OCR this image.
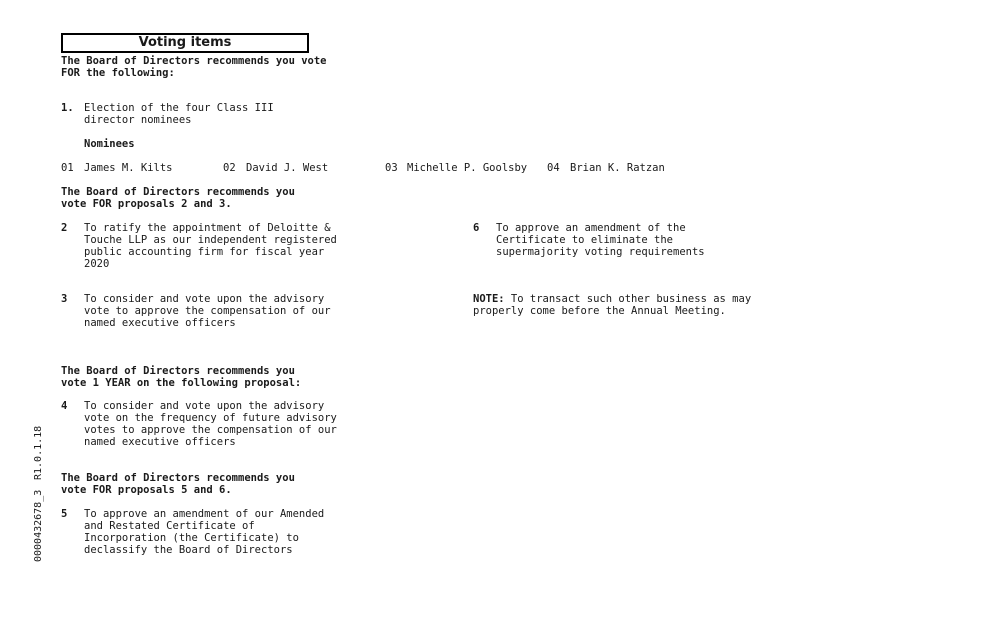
Voting items
The Board of Directors recommends you vote
FOR the following:
1. Election of the four Class III
director nominees
Nominees
01 James M. Kilts	02 David J. West	03 Michelle P. Goolsby 04 Brian K. Ratzan
The Board of Directors recommends you
vote FOR proposals 2 and 3.
2 To ratify the appointment of Deloitte &
Touche LLP as our independent registered
public accounting firm for fiscal year
2020
6 To approve an amendment of the
Certificate to eliminate the
supermajority voting requirements
3 To consider and vote upon the advisory
vote to approve the compensation of our
named executive officers
NOTE: To transact such other business as may
properly come before the Annual Meeting.
The Board of Directors recommends you
vote 1 YEAR on the following proposal:
4 To consider and vote upon the advisory
vote on the frequency of future advisory
votes to approve the compensation of our
named executive officers
The Board of Directors recommends you
vote FOR proposals 5 and 6.
5 To approve an amendment of our Amended
and Restated Certificate of
Incorporation (the Certificate) to
declassify the Board of Directors
0000432678_3
R1.0.1.18
